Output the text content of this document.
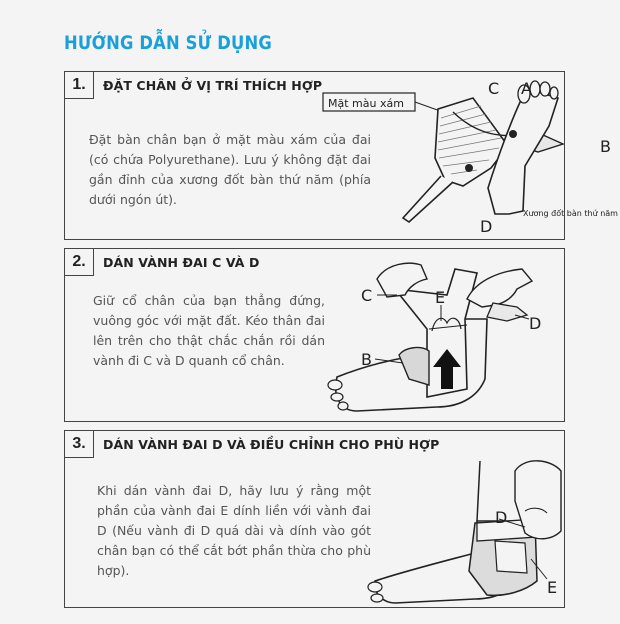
HƯỚNG DẪN SỬ DỤNG
1.	ĐẶT CHÂN Ở VỊ TRÍ THÍCH HỢP
Đặt bàn chân bạn ở mặt màu xám của đai (có chứa Polyurethane). Lưu ý không đặt đai gần đỉnh của xương đốt bàn thứ năm (phía dưới ngón út).
Mặt màu xám
C A
B
D
Xương đốt bàn thứ năm
2.	DÁN VÀNH ĐAI C VÀ D
Giữ cổ chân của bạn thẳng đứng, vuông góc với mặt đất. Kéo thân đai lên trên cho thật chắc chắn rồi dán vành đi C và D quanh cổ chân.
C	E
D
B
3.	DÁN VÀNH ĐAI D VÀ ĐIỀU CHỈNH CHO PHÙ HỢP
Khi dán vành đai D, hãy lưu ý rằng một phần của vành đai E dính liền với vành đai D (Nếu vành đi D quá dài và dính vào gót chân bạn có thể cắt bớt phần thừa cho phù hợp).
D
E
